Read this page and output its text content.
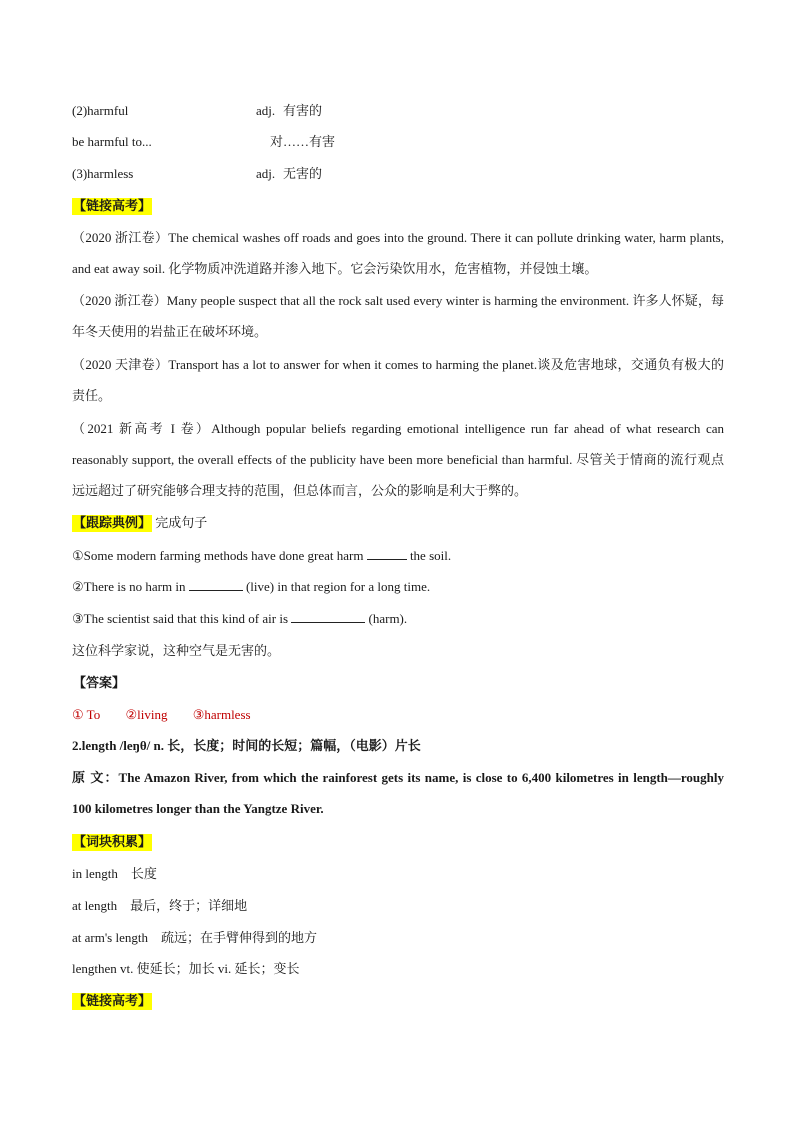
(2)harmful	adj. 有害的
be harmful to...	对……有害
(3)harmless	adj. 无害的
【链接高考】
（2020 浙江卷）The chemical washes off roads and goes into the ground. There it can pollute drinking water, harm plants, and eat away soil. 化学物质冲洗道路并渗入地下。它会污染饮用水，危害植物，并侵蚀土壤。
（2020 浙江卷）Many people suspect that all the rock salt used every winter is harming the environment. 许多人怀疑，每年冬天使用的岩盐正在破坏环境。
（2020 天津卷）Transport has a lot to answer for when it comes to harming the planet.谈及危害地球，交通负有极大的责任。
（2021 新高考 I 卷）Although popular beliefs regarding emotional intelligence run far ahead of what research can reasonably support, the overall effects of the publicity have been more beneficial than harmful. 尽管关于情商的流行观点远远超过了研究能够合理支持的范围，但总体而言，公众的影响是利大于弊的。
【跟踪典例】 完成句子
①Some modern farming methods have done great harm	the soil.
②There is no harm in	(live) in that region for a long time.
③The scientist said that this kind of air is	(harm).
这位科学家说，这种空气是无害的。
【答案】
① To ②living ③harmless
2.length /leŋθ/ n. 长，长度；时间的长短；篇幅，（电影）片长
原 文：The Amazon River, from which the rainforest gets its name, is close to 6,400 kilometres in length—roughly 100 kilometres longer than the Yangtze River.
【词块积累】
in length 长度
at length 最后，终于；详细地
at arm's length 疏远；在手臂伸得到的地方
lengthen vt. 使延长；加长 vi. 延长；变长
【链接高考】
